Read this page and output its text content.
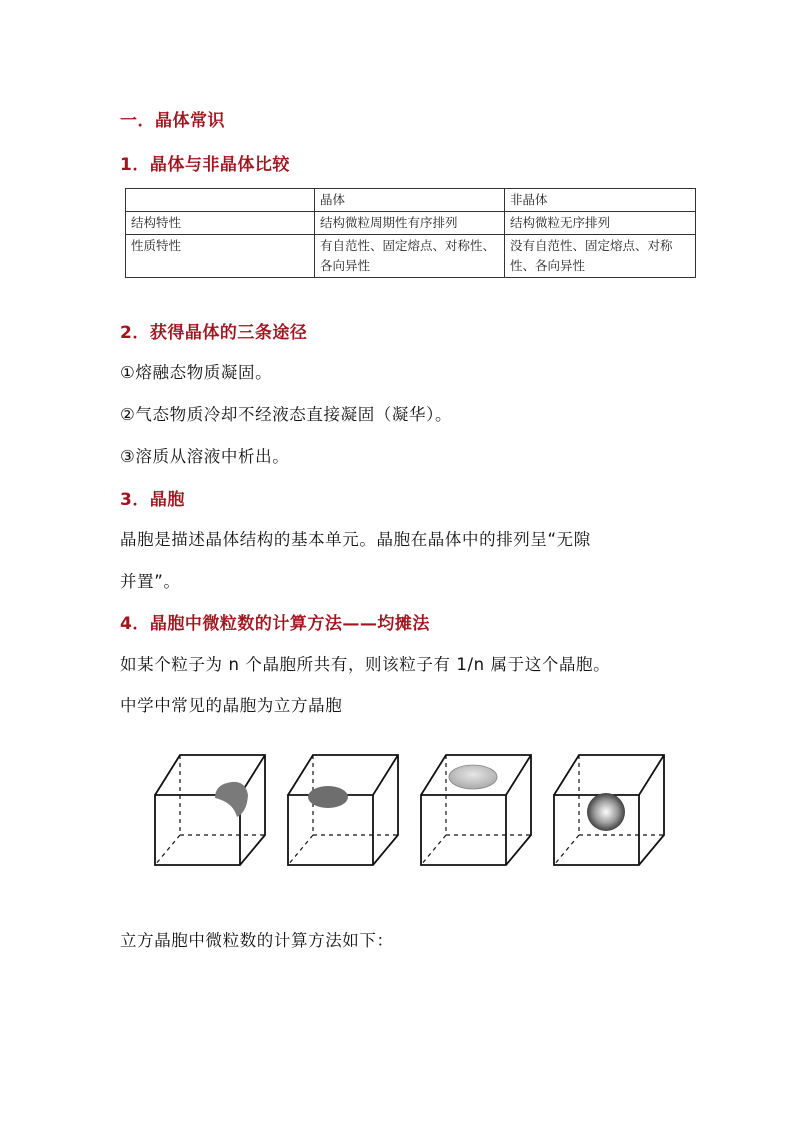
一．晶体常识
1．晶体与非晶体比较
	晶体	非晶体
结构特性	结构微粒周期性有序排列	结构微粒无序排列
性质特性	有自范性、固定熔点、对称性、各向异性	没有自范性、固定熔点、对称性、各向异性
2．获得晶体的三条途径
①熔融态物质凝固。
②气态物质冷却不经液态直接凝固（凝华）。
③溶质从溶液中析出。
3．晶胞
晶胞是描述晶体结构的基本单元。晶胞在晶体中的排列呈“无隙
并置”。
4．晶胞中微粒数的计算方法——均摊法
如某个粒子为 n 个晶胞所共有，则该粒子有 1/n 属于这个晶胞。
中学中常见的晶胞为立方晶胞
立方晶胞中微粒数的计算方法如下：
